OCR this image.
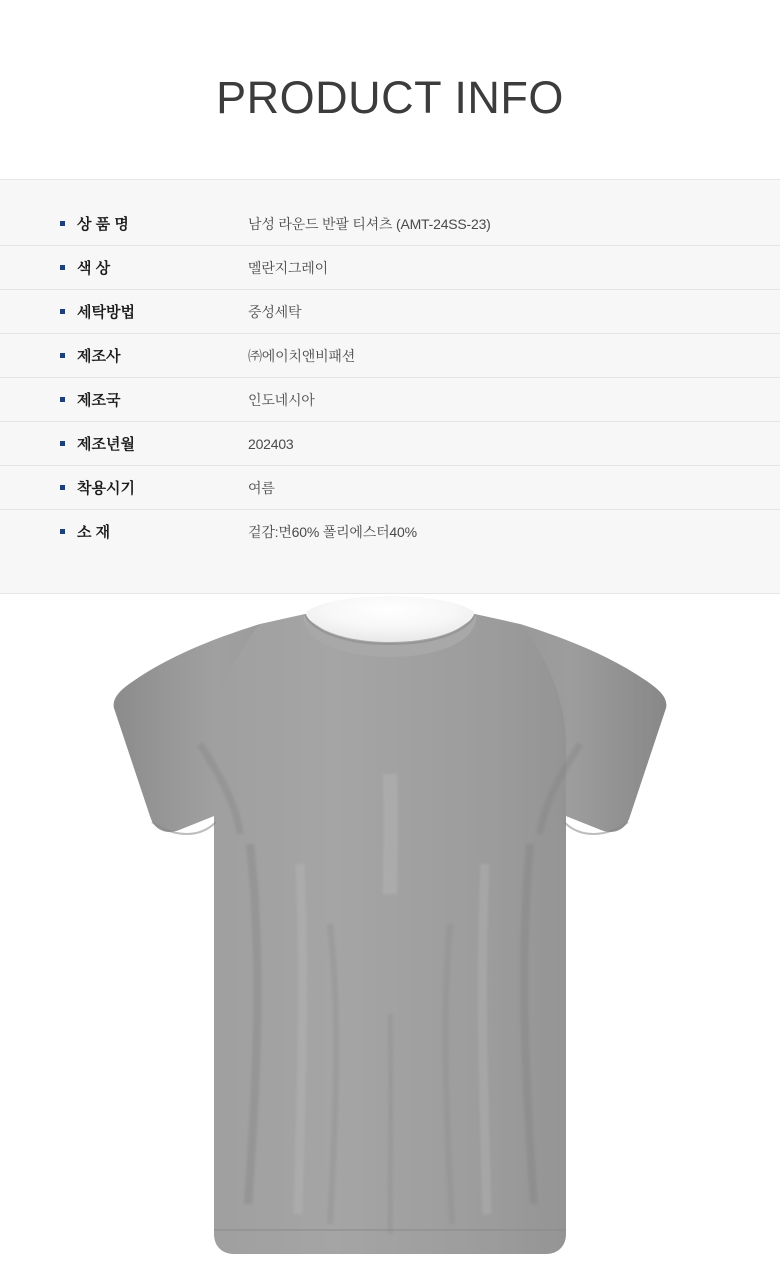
PRODUCT INFO
상 품 명	남성 라운드 반팔 티셔츠 (AMT-24SS-23)
색 상	멜란지그레이
세탁방법	중성세탁
제조사	㈜에이치앤비패션
제조국	인도네시아
제조년월	202403
착용시기	여름
소 재	겉감:면60% 폴리에스터40%
